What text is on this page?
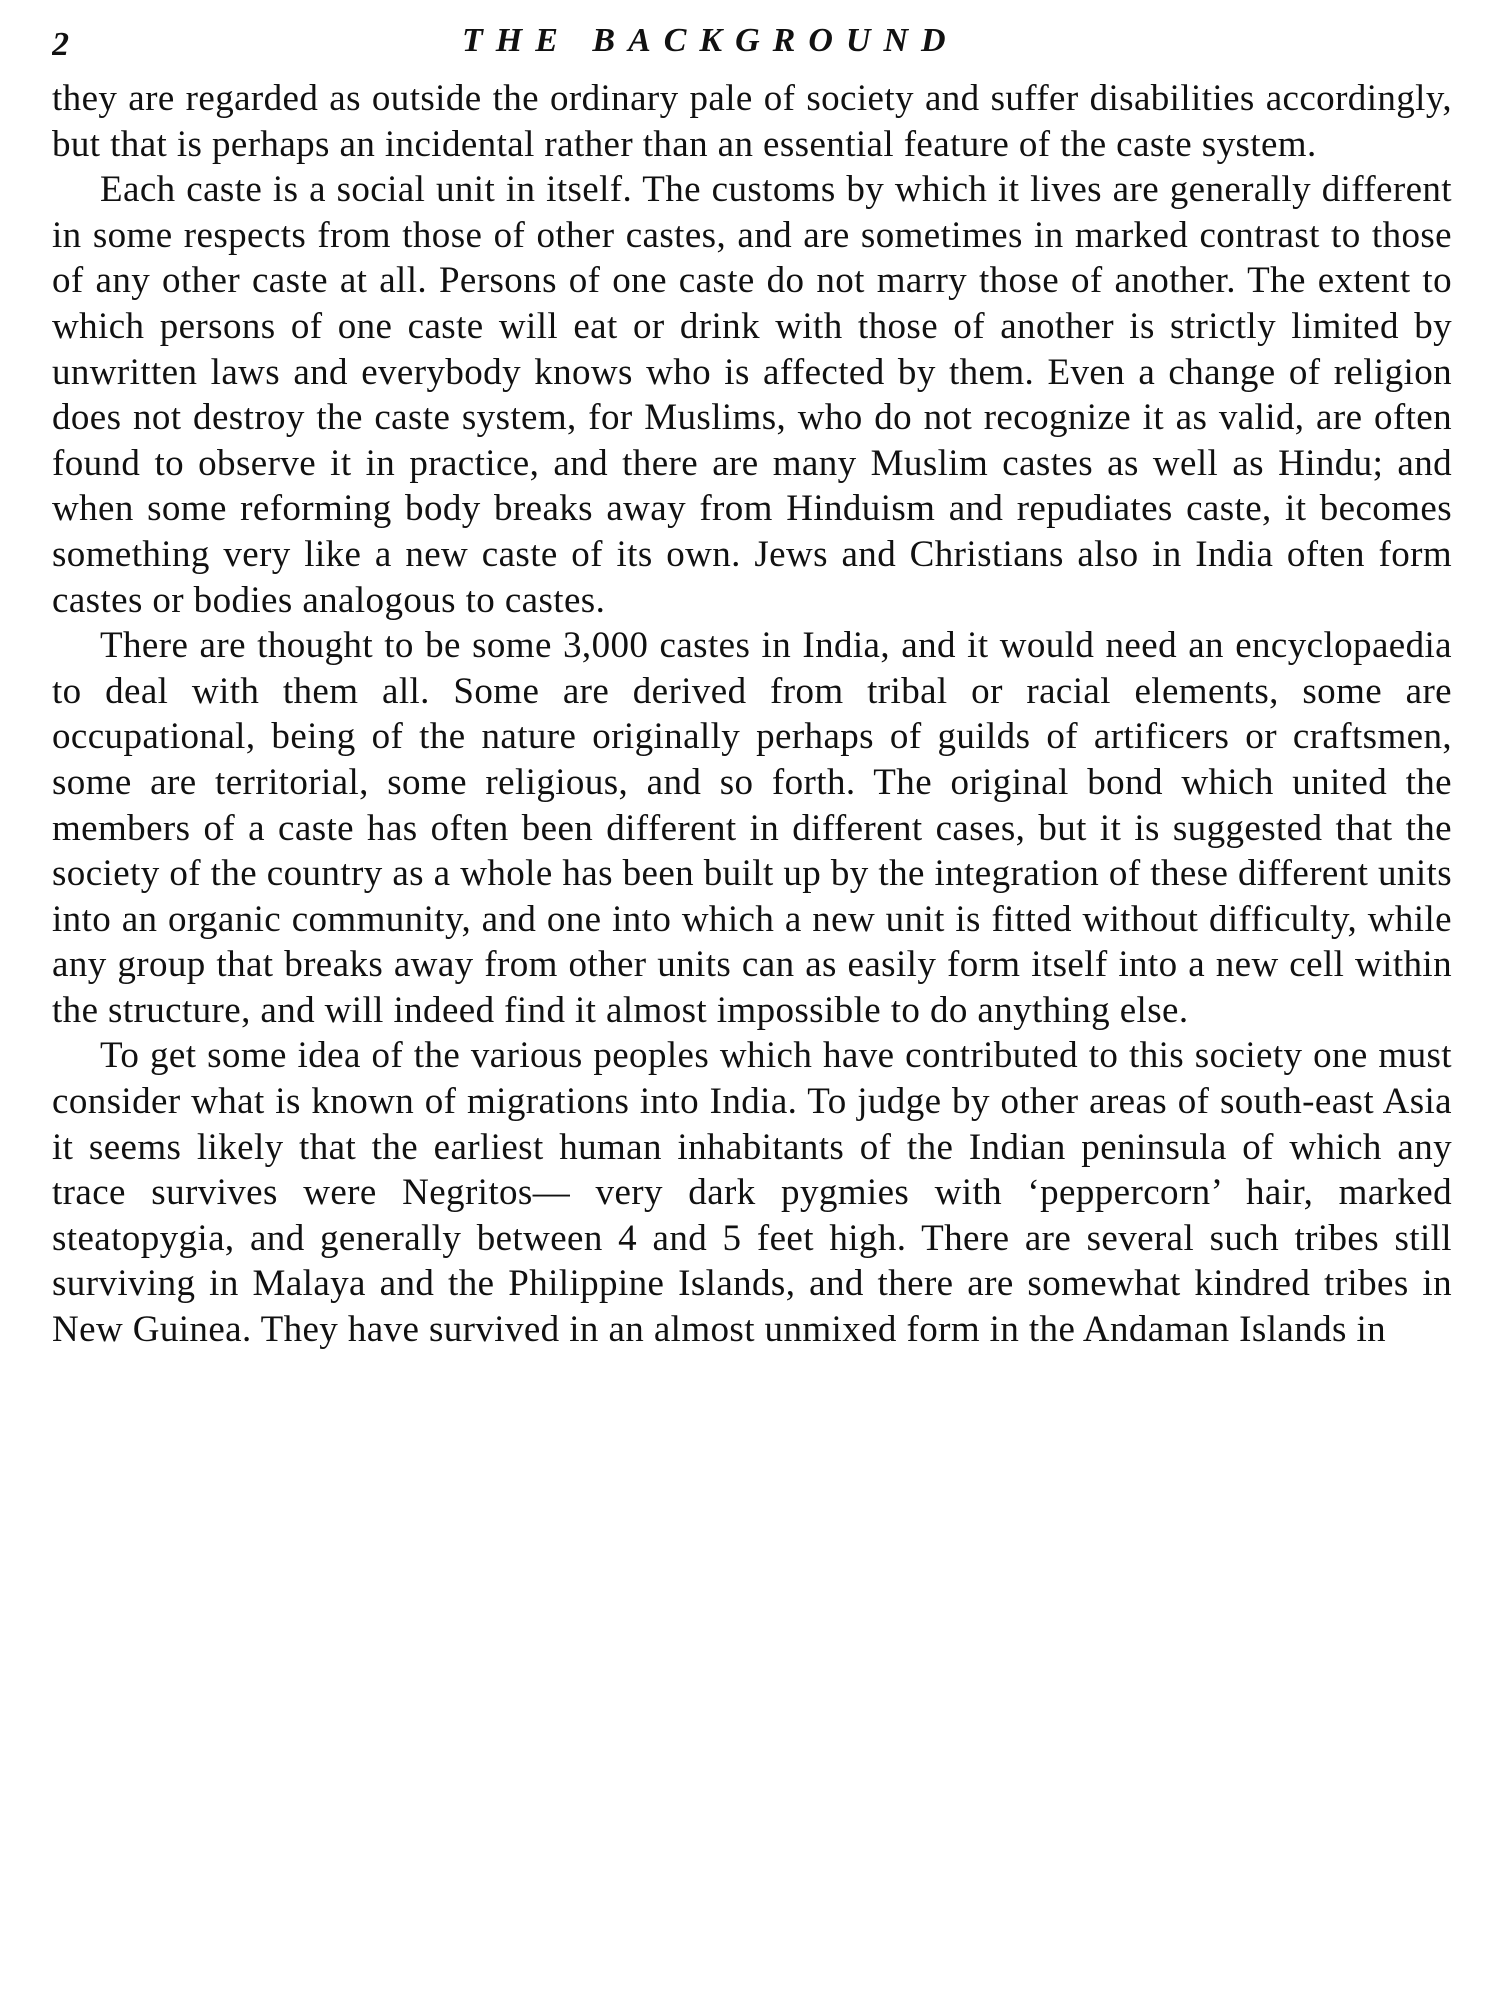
2	THE BACKGROUND

they are regarded as outside the ordinary pale of society and suffer disabilities accordingly, but that is perhaps an incidental rather than an essential feature of the caste system.

Each caste is a social unit in itself. The customs by which it lives are generally different in some respects from those of other castes, and are sometimes in marked contrast to those of any other caste at all. Persons of one caste do not marry those of another. The extent to which persons of one caste will eat or drink with those of another is strictly limited by unwritten laws and everybody knows who is affected by them. Even a change of religion does not destroy the caste system, for Muslims, who do not recognize it as valid, are often found to observe it in practice, and there are many Muslim castes as well as Hindu; and when some reforming body breaks away from Hinduism and repudiates caste, it becomes something very like a new caste of its own. Jews and Christians also in India often form castes or bodies analogous to castes.

There are thought to be some 3,000 castes in India, and it would need an encyclopaedia to deal with them all. Some are derived from tribal or racial elements, some are occupational, being of the nature originally perhaps of guilds of artificers or craftsmen, some are territorial, some religious, and so forth. The original bond which united the members of a caste has often been different in different cases, but it is suggested that the society of the country as a whole has been built up by the integration of these different units into an organic community, and one into which a new unit is fitted without difficulty, while any group that breaks away from other units can as easily form itself into a new cell within the structure, and will indeed find it almost impossible to do anything else.

To get some idea of the various peoples which have contributed to this society one must consider what is known of migrations into India. To judge by other areas of south-east Asia it seems likely that the earliest human inhabitants of the Indian peninsula of which any trace survives were Negritos— very dark pygmies with ‘peppercorn’ hair, marked steatopygia, and generally between 4 and 5 feet high. There are several such tribes still surviving in Malaya and the Philippine Islands, and there are somewhat kindred tribes in New Guinea. They have survived in an almost unmixed form in the Andaman Islands in
